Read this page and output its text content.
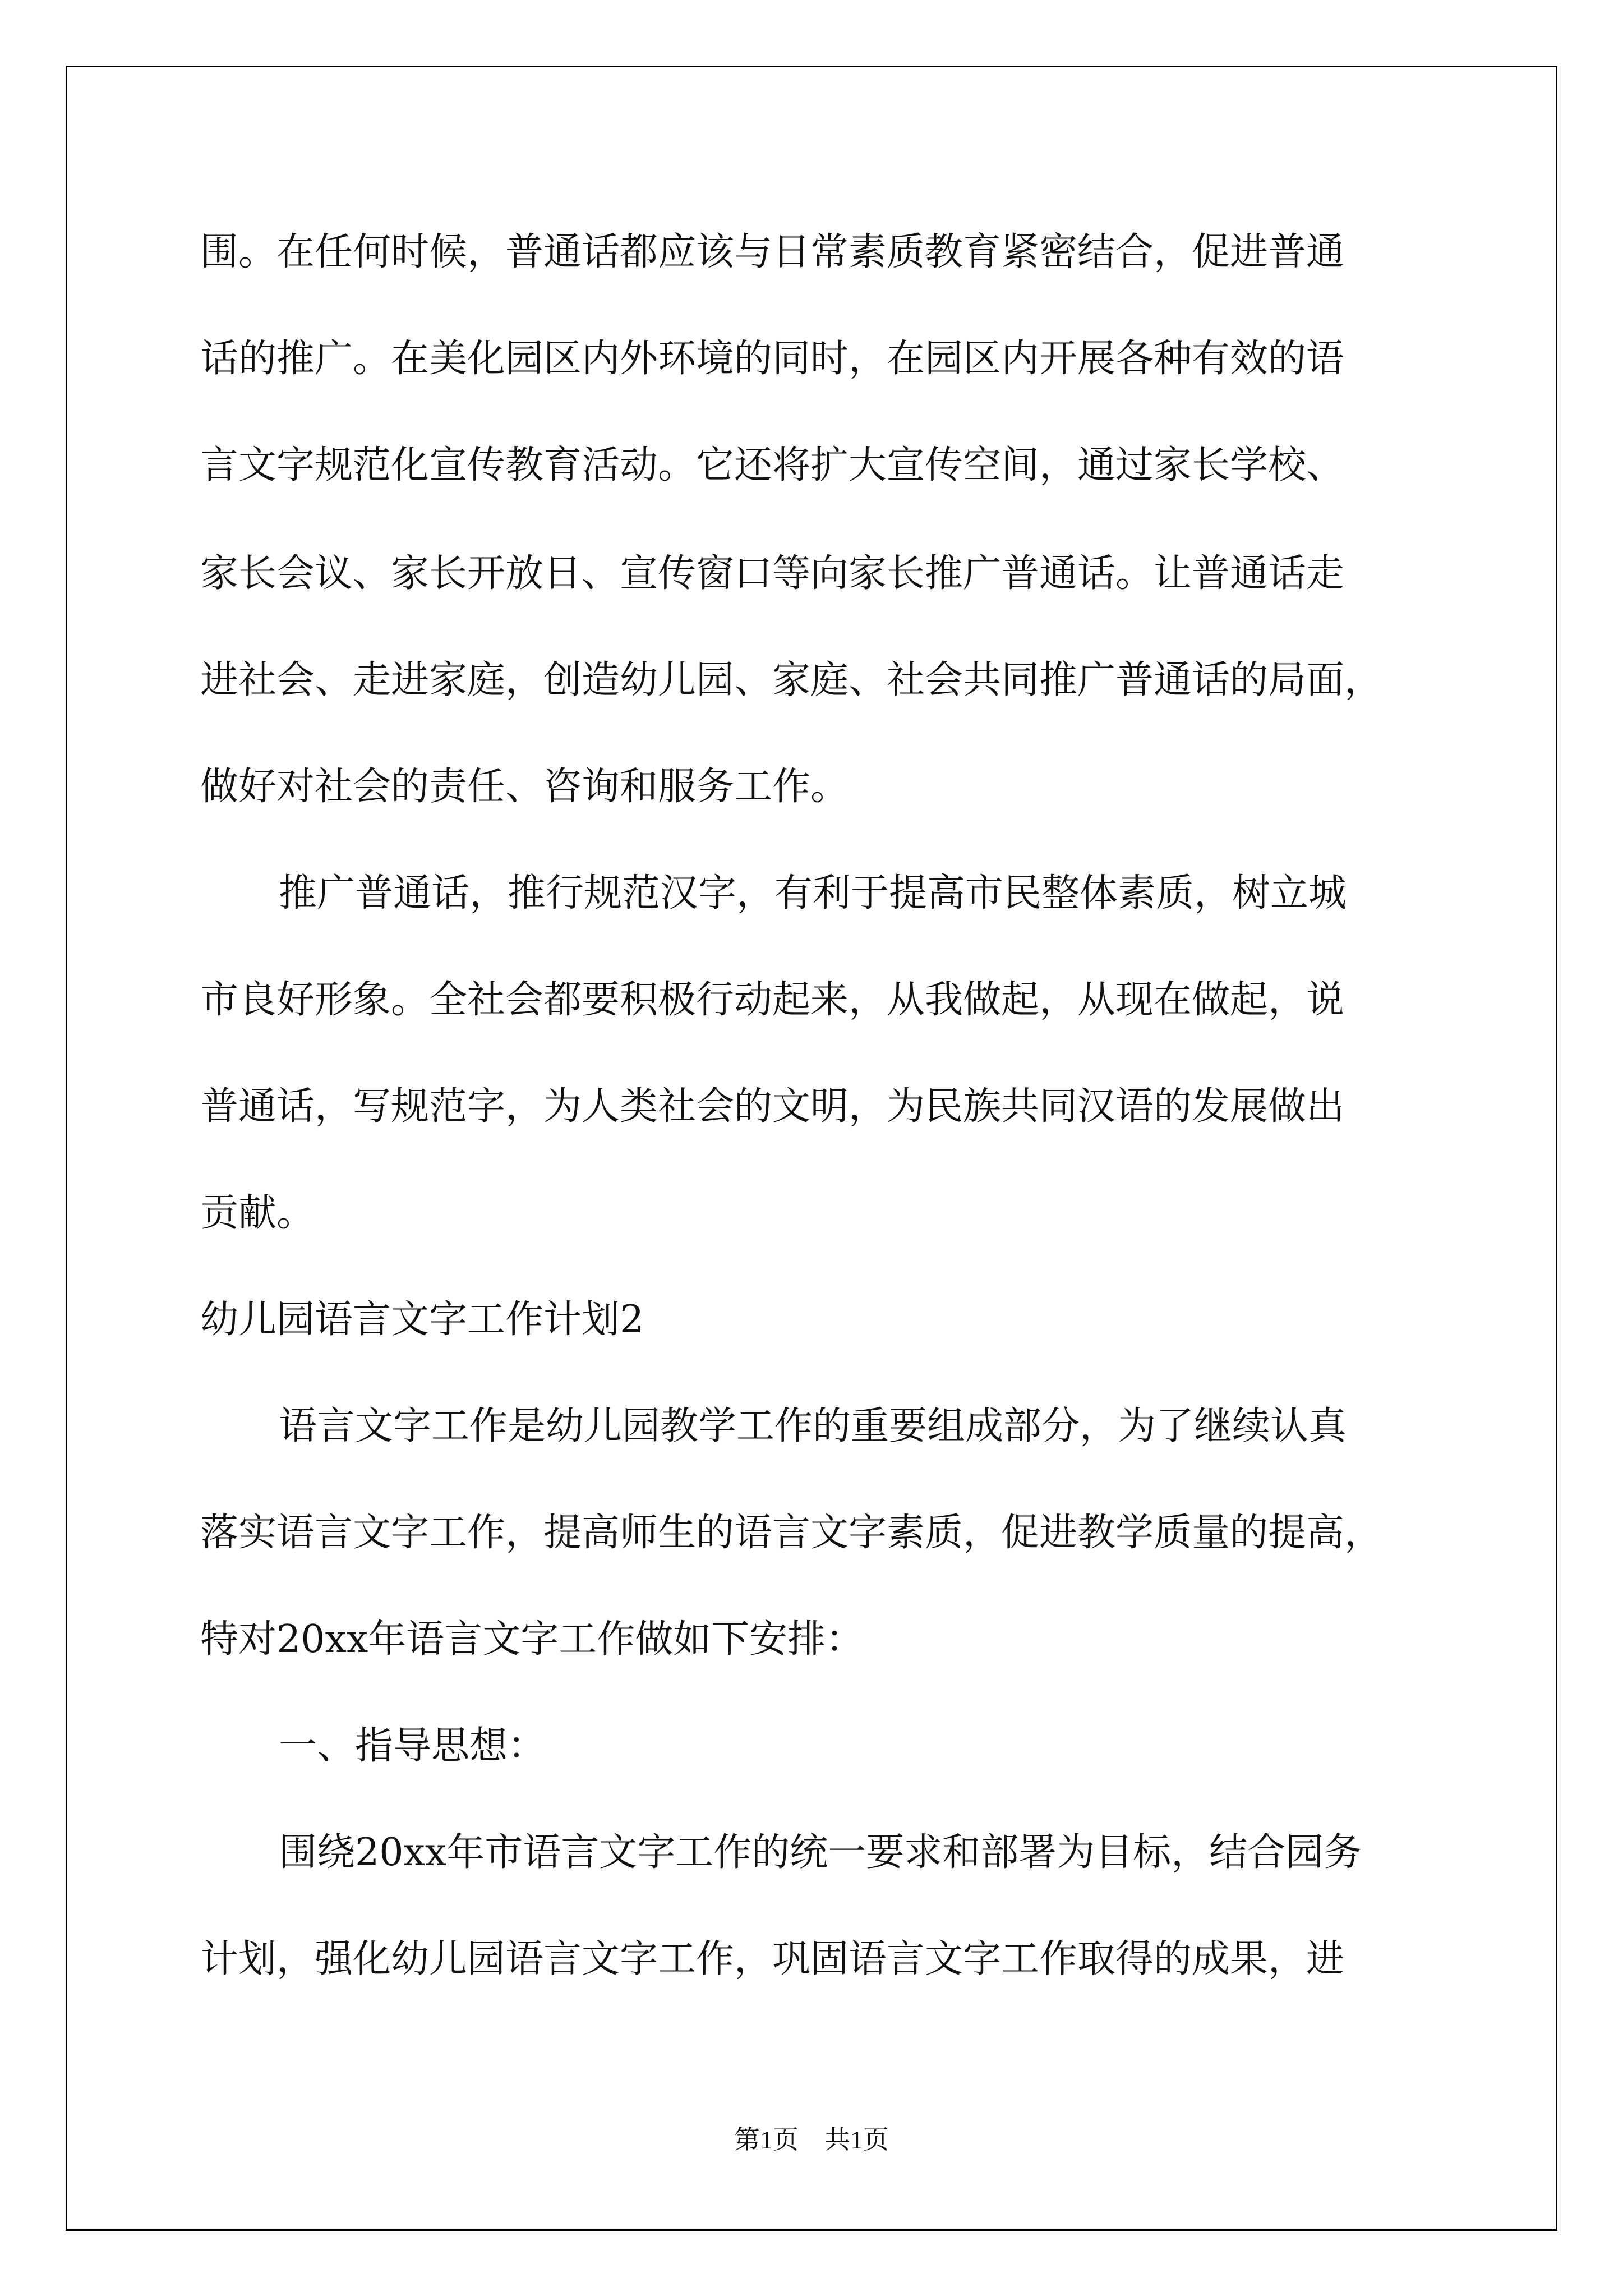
围。在任何时候，普通话都应该与日常素质教育紧密结合，促进普通
话的推广。在美化园区内外环境的同时，在园区内开展各种有效的语
言文字规范化宣传教育活动。它还将扩大宣传空间，通过家长学校、
家长会议、家长开放日、宣传窗口等向家长推广普通话。让普通话走
进社会、走进家庭，创造幼儿园、家庭、社会共同推广普通话的局面，
做好对社会的责任、咨询和服务工作。
推广普通话，推行规范汉字，有利于提高市民整体素质，树立城
市良好形象。全社会都要积极行动起来，从我做起，从现在做起，说
普通话，写规范字，为人类社会的文明，为民族共同汉语的发展做出
贡献。
幼儿园语言文字工作计划2
语言文字工作是幼儿园教学工作的重要组成部分，为了继续认真
落实语言文字工作，提高师生的语言文字素质，促进教学质量的提高，
特对20xx年语言文字工作做如下安排：
一、指导思想：
围绕20xx年市语言文字工作的统一要求和部署为目标，结合园务
计划，强化幼儿园语言文字工作，巩固语言文字工作取得的成果，进
第1页　共1页
